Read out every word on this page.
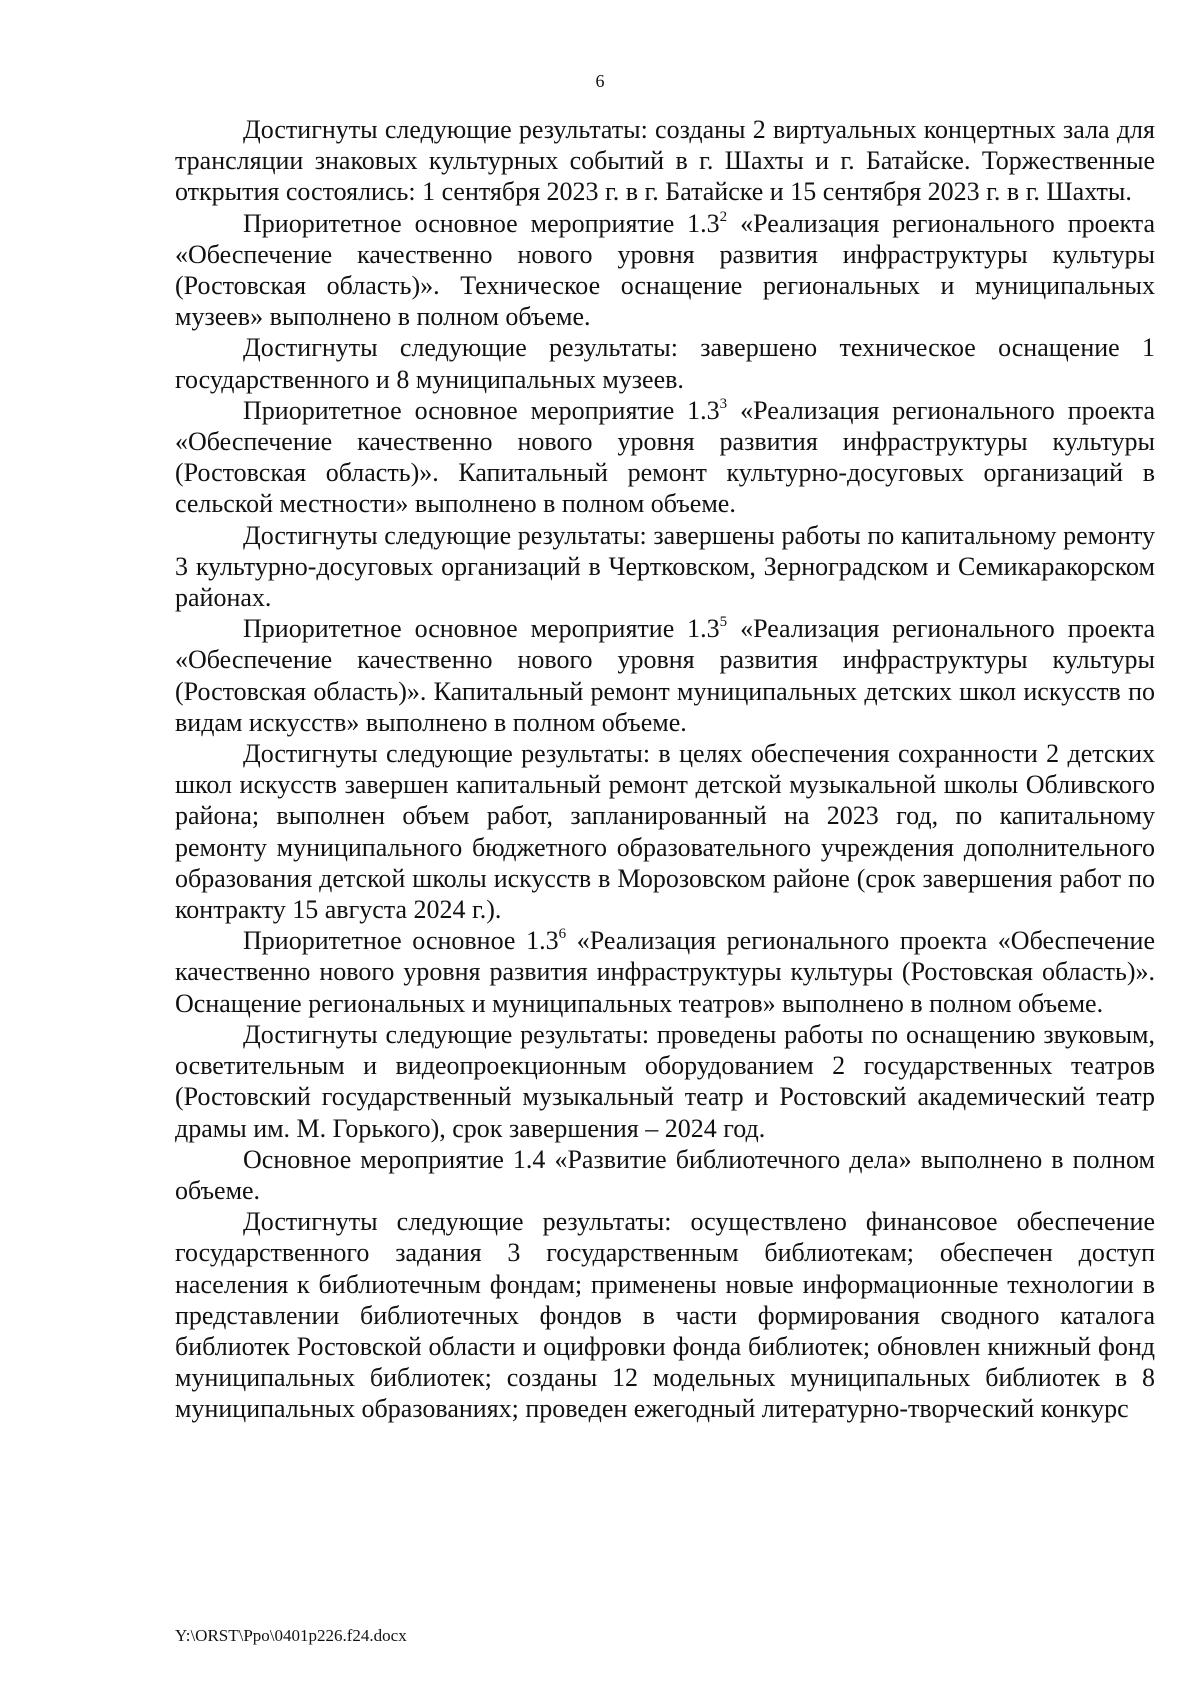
6

Достигнуты следующие результаты: созданы 2 виртуальных концертных зала для трансляции знаковых культурных событий в г. Шахты и г. Батайске. Торжественные открытия состоялись: 1 сентября 2023 г. в г. Батайске и 15 сентября 2023 г. в г. Шахты.

Приоритетное основное мероприятие $1.3^2$ «Реализация регионального проекта «Обеспечение качественно нового уровня развития инфраструктуры культуры (Ростовская область)». Техническое оснащение региональных и муниципальных музеев» выполнено в полном объеме.

Достигнуты следующие результаты: завершено техническое оснащение 1 государственного и 8 муниципальных музеев.

Приоритетное основное мероприятие $1.3^3$ «Реализация регионального проекта «Обеспечение качественно нового уровня развития инфраструктуры культуры (Ростовская область)». Капитальный ремонт культурно-досуговых организаций в сельской местности» выполнено в полном объеме.

Достигнуты следующие результаты: завершены работы по капитальному ремонту 3 культурно-досуговых организаций в Чертковском, Зерноградском и Семикаракорском районах.

Приоритетное основное мероприятие $1.3^5$ «Реализация регионального проекта «Обеспечение качественно нового уровня развития инфраструктуры культуры (Ростовская область)». Капитальный ремонт муниципальных детских школ искусств по видам искусств» выполнено в полном объеме.

Достигнуты следующие результаты: в целях обеспечения сохранности 2 детских школ искусств завершен капитальный ремонт детской музыкальной школы Обливского района; выполнен объем работ, запланированный на 2023 год, по капитальному ремонту муниципального бюджетного образовательного учреждения дополнительного образования детской школы искусств в Морозовском районе (срок завершения работ по контракту 15 августа 2024 г.).

Приоритетное основное $1.3^6$ «Реализация регионального проекта «Обеспечение качественно нового уровня развития инфраструктуры культуры (Ростовская область)». Оснащение региональных и муниципальных театров» выполнено в полном объеме.

Достигнуты следующие результаты: проведены работы по оснащению звуковым, осветительным и видеопроекционным оборудованием 2 государственных театров (Ростовский государственный музыкальный театр и Ростовский академический театр драмы им. М. Горького), срок завершения – 2024 год.

Основное мероприятие 1.4 «Развитие библиотечного дела» выполнено в полном объеме.

Достигнуты следующие результаты: осуществлено финансовое обеспечение государственного задания 3 государственным библиотекам; обеспечен доступ населения к библиотечным фондам; применены новые информационные технологии в представлении библиотечных фондов в части формирования сводного каталога библиотек Ростовской области и оцифровки фонда библиотек; обновлен книжный фонд муниципальных библиотек; созданы 12 модельных муниципальных библиотек в 8 муниципальных образованиях; проведен ежегодный литературно-творческий конкурс

Y:\ORST\Ppo\0401p226.f24.docx
